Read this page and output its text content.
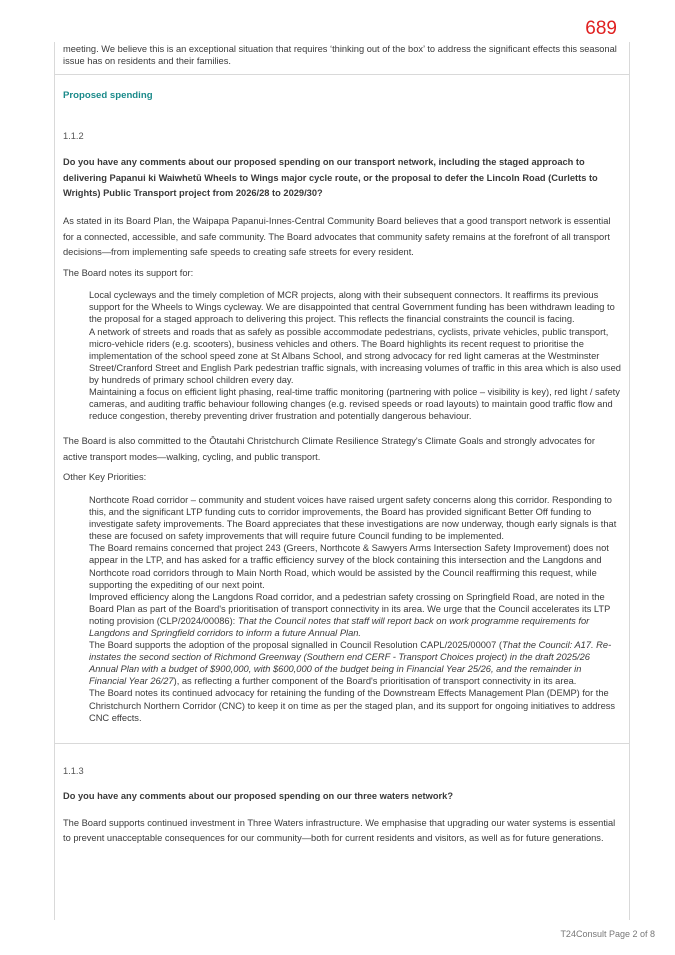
689

meeting. We believe this is an exceptional situation that requires ‘thinking out of the box’ to address the significant effects this seasonal issue has on residents and their families.

Proposed spending

1.1.2

Do you have any comments about our proposed spending on our transport network, including the staged approach to delivering Papanui ki Waiwhetū Wheels to Wings major cycle route, or the proposal to defer the Lincoln Road (Curletts to Wrights) Public Transport project from 2026/28 to 2029/30?

As stated in its Board Plan, the Waipapa Papanui-Innes-Central Community Board believes that a good transport network is essential for a connected, accessible, and safe community. The Board advocates that community safety remains at the forefront of all transport decisions—from implementing safe speeds to creating safe streets for every resident.

The Board notes its support for:

Local cycleways and the timely completion of MCR projects, along with their subsequent connectors. It reaffirms its previous support for the Wheels to Wings cycleway. We are disappointed that central Government funding has been withdrawn leading to the proposal for a staged approach to delivering this project. This reflects the financial constraints the council is facing.

A network of streets and roads that as safely as possible accommodate pedestrians, cyclists, private vehicles, public transport, micro-vehicle riders (e.g. scooters), business vehicles and others. The Board highlights its recent request to prioritise the implementation of the school speed zone at St Albans School, and strong advocacy for red light cameras at the Westminster Street/Cranford Street and English Park pedestrian traffic signals, with increasing volumes of traffic in this area which is also used by hundreds of primary school children every day.

Maintaining a focus on efficient light phasing, real-time traffic monitoring (partnering with police – visibility is key), red light / safety cameras, and auditing traffic behaviour following changes (e.g. revised speeds or road layouts) to maintain good traffic flow and reduce congestion, thereby preventing driver frustration and potentially dangerous behaviour.

The Board is also committed to the Ōtautahi Christchurch Climate Resilience Strategy's Climate Goals and strongly advocates for active transport modes—walking, cycling, and public transport.

Other Key Priorities:

Northcote Road corridor – community and student voices have raised urgent safety concerns along this corridor. Responding to this, and the significant LTP funding cuts to corridor improvements, the Board has provided significant Better Off funding to investigate safety improvements. The Board appreciates that these investigations are now underway, though early signals is that these are focused on safety improvements that will require future Council funding to be implemented.

The Board remains concerned that project 243 (Greers, Northcote & Sawyers Arms Intersection Safety Improvement) does not appear in the LTP, and has asked for a traffic efficiency survey of the block containing this intersection and the Langdons and Northcote road corridors through to Main North Road, which would be assisted by the Council reaffirming this request, while supporting the expediting of our next point.

Improved efficiency along the Langdons Road corridor, and a pedestrian safety crossing on Springfield Road, are noted in the Board Plan as part of the Board's prioritisation of transport connectivity in its area. We urge that the Council accelerates its LTP noting provision (CLP/2024/00086): That the Council notes that staff will report back on work programme requirements for Langdons and Springfield corridors to inform a future Annual Plan.

The Board supports the adoption of the proposal signalled in Council Resolution CAPL/2025/00007 (That the Council: A17. Re-instates the second section of Richmond Greenway (Southern end CERF - Transport Choices project) in the draft 2025/26 Annual Plan with a budget of $900,000, with $600,000 of the budget being in Financial Year 25/26, and the remainder in Financial Year 26/27), as reflecting a further component of the Board's prioritisation of transport connectivity in its area.

The Board notes its continued advocacy for retaining the funding of the Downstream Effects Management Plan (DEMP) for the Christchurch Northern Corridor (CNC) to keep it on time as per the staged plan, and its support for ongoing initiatives to address CNC effects.

1.1.3

Do you have any comments about our proposed spending on our three waters network?

The Board supports continued investment in Three Waters infrastructure. We emphasise that upgrading our water systems is essential to prevent unacceptable consequences for our community—both for current residents and visitors, as well as for future generations.

T24Consult Page 2 of 8
